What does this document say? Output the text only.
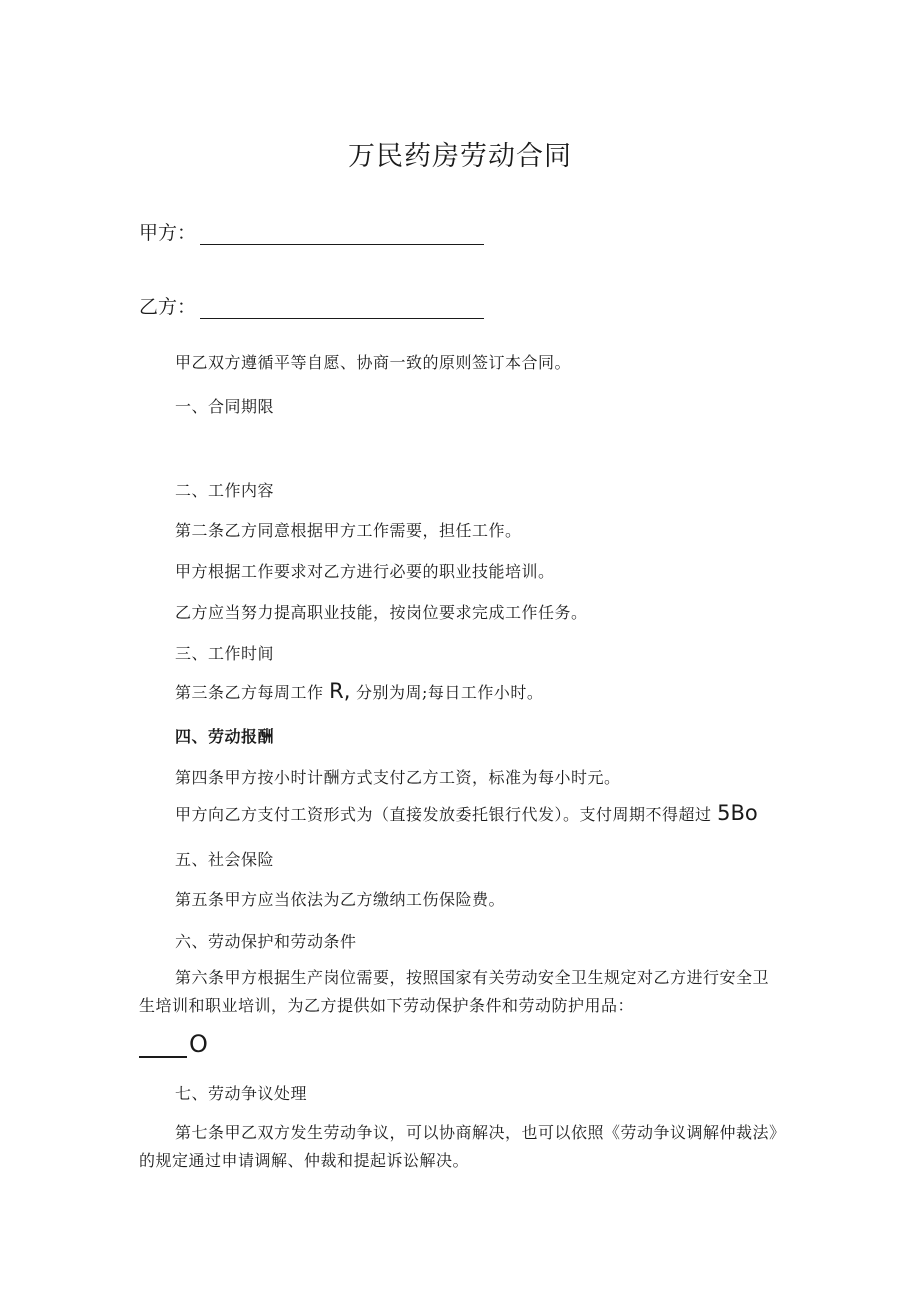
万民药房劳动合同
甲方：
乙方：
甲乙双方遵循平等自愿、协商一致的原则签订本合同。
一、合同期限
二、工作内容
第二条乙方同意根据甲方工作需要，担任工作。
甲方根据工作要求对乙方进行必要的职业技能培训。
乙方应当努力提高职业技能，按岗位要求完成工作任务。
三、工作时间
第三条乙方每周工作 R, 分别为周;每日工作小时。
四、劳动报酬
第四条甲方按小时计酬方式支付乙方工资，标准为每小时元。
甲方向乙方支付工资形式为（直接发放委托银行代发）。支付周期不得超过 5Bo
五、社会保险
第五条甲方应当依法为乙方缴纳工伤保险费。
六、劳动保护和劳动条件
第六条甲方根据生产岗位需要，按照国家有关劳动安全卫生规定对乙方进行安全卫生培训和职业培训，为乙方提供如下劳动保护条件和劳动防护用品：
O
七、劳动争议处理
第七条甲乙双方发生劳动争议，可以协商解决，也可以依照《劳动争议调解仲裁法》的规定通过申请调解、仲裁和提起诉讼解决。
